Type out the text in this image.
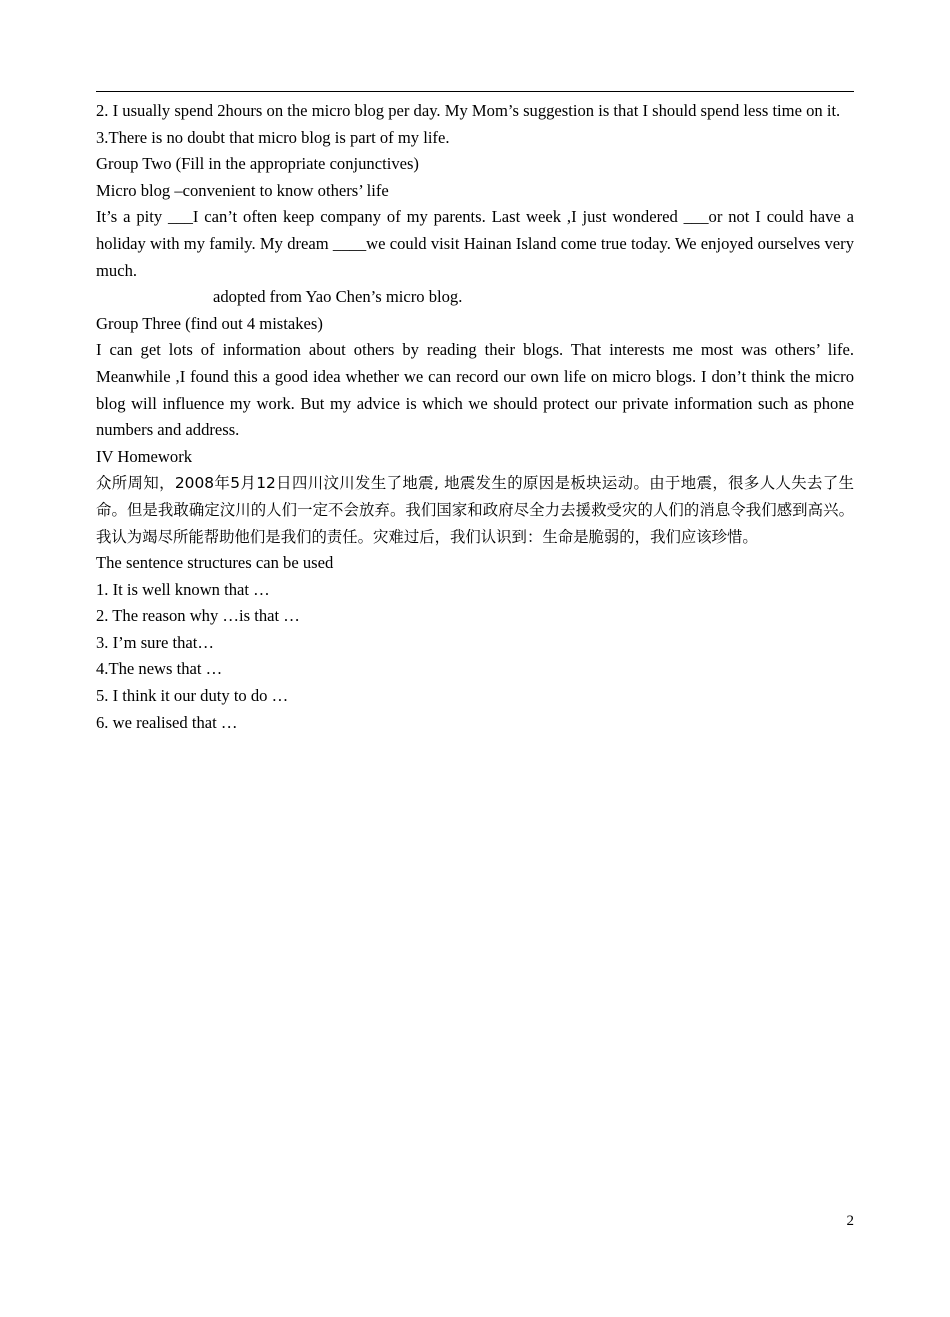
2. I usually spend 2hours on the micro blog per day. My Mom’s suggestion is that I should spend less time on it.

3.There is no doubt that micro blog is part of my life.

Group Two (Fill in the appropriate conjunctives)

Micro blog –convenient to know others’ life

It’s a pity ___I can’t often keep company of my parents. Last week ,I just wondered ___or not I could have a holiday with my family. My dream ____we could visit Hainan Island come true today. We enjoyed ourselves very much.

adopted from Yao Chen’s micro blog.

Group Three (find out 4 mistakes)

I can get lots of information about others by reading their blogs. That interests me most was others’ life. Meanwhile ,I found this a good idea whether we can record our own life on micro blogs. I don’t think the micro blog will influence my work. But my advice is which we should protect our private information such as phone numbers and address.

IV Homework

众所周知，2008年5月12日四川汶川发生了地震, 地震发生的原因是板块运动。由于地震，很多人人失去了生命。但是我敢确定汶川的人们一定不会放弃。我们国家和政府尽全力去援救受灾的人们的消息令我们感到高兴。我认为竭尽所能帮助他们是我们的责任。灾难过后，我们认识到：生命是脆弱的，我们应该珍惜。

The sentence structures can be used

1. It is well known that …

2. The reason why …is that …

3. I’m sure that…

4.The news that …

5. I think it our duty to do …

6. we realised that …

2
